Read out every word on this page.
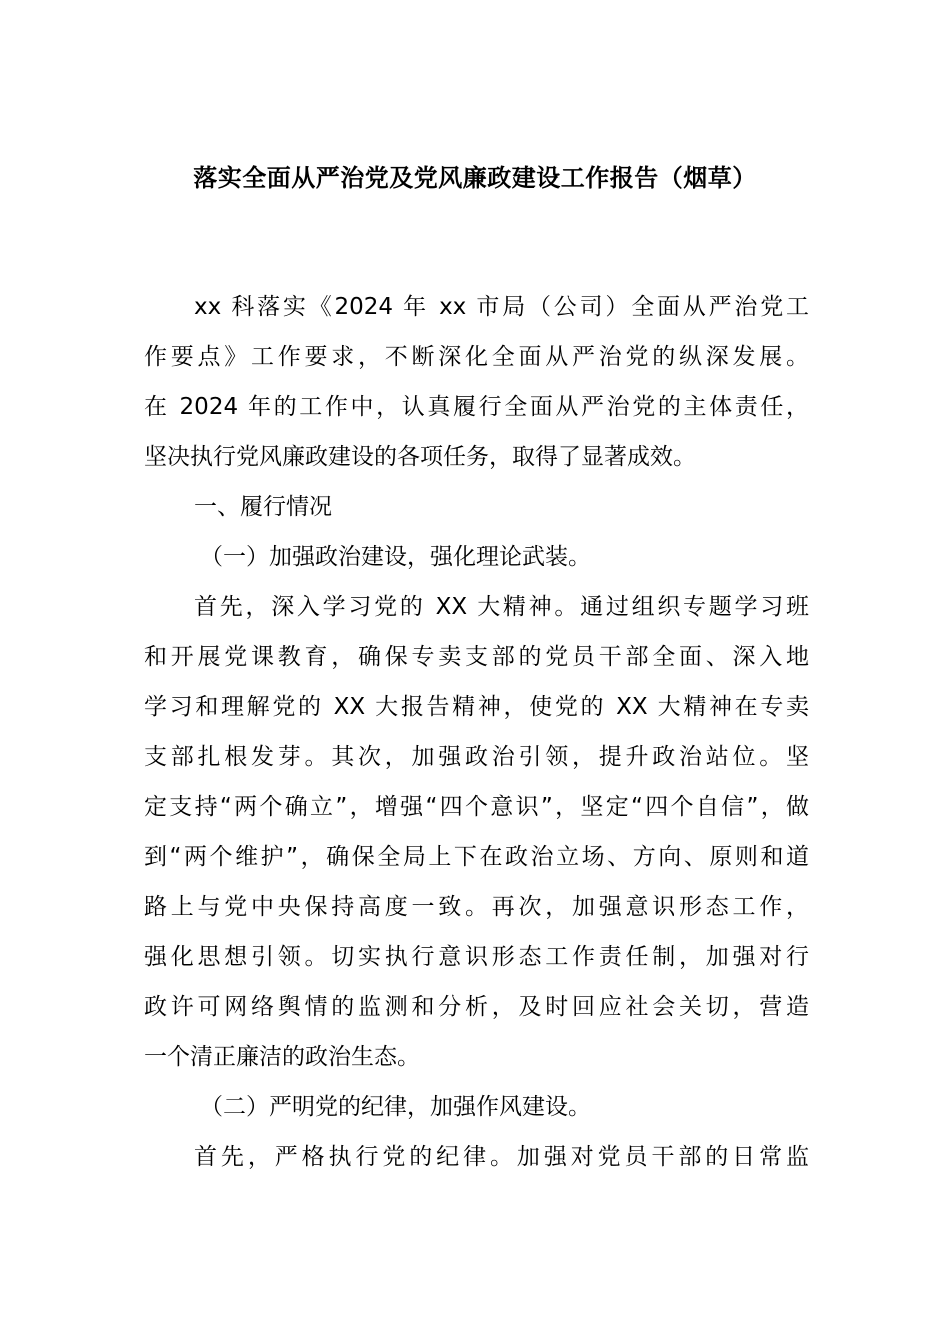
落实全面从严治党及党风廉政建设工作报告（烟草）
xx 科落实《2024 年 xx 市局（公司）全面从严治党工
作要点》工作要求，不断深化全面从严治党的纵深发展。
在 2024 年的工作中，认真履行全面从严治党的主体责任，
坚决执行党风廉政建设的各项任务，取得了显著成效。
一、履行情况
（一）加强政治建设，强化理论武装。
首先，深入学习党的 XX 大精神。通过组织专题学习班
和开展党课教育，确保专卖支部的党员干部全面、深入地
学习和理解党的 XX 大报告精神，使党的 XX 大精神在专卖
支部扎根发芽。其次，加强政治引领，提升政治站位。坚
定支持“两个确立”，增强“四个意识”，坚定“四个自信”，做
到“两个维护”，确保全局上下在政治立场、方向、原则和道
路上与党中央保持高度一致。再次，加强意识形态工作，
强化思想引领。切实执行意识形态工作责任制，加强对行
政许可网络舆情的监测和分析，及时回应社会关切，营造
一个清正廉洁的政治生态。
（二）严明党的纪律，加强作风建设。
首先，严格执行党的纪律。加强对党员干部的日常监
